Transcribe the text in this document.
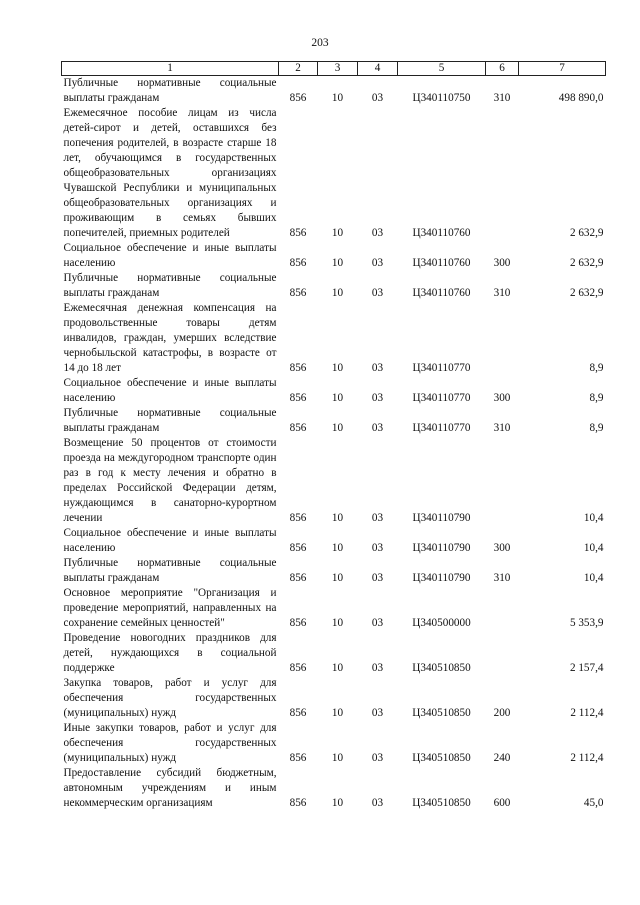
203
1	2	3	4	5	6	7
Публичные нормативные социальные выплаты гражданам	856	10	03	Ц340110750	310	498 890,0
Ежемесячное пособие лицам из числа детей-сирот и детей, оставшихся без попечения родителей, в возрасте старше 18 лет, обучающимся в государственных общеобразовательных организациях Чувашской Республики и муниципальных общеобразовательных организациях и проживающим в семьях бывших попечителей, приемных родителей	856	10	03	Ц340110760		2 632,9
Социальное обеспечение и иные выплаты населению	856	10	03	Ц340110760	300	2 632,9
Публичные нормативные социальные выплаты гражданам	856	10	03	Ц340110760	310	2 632,9
Ежемесячная денежная компенсация на продовольственные товары детям инвалидов, граждан, умерших вследствие чернобыльской катастрофы, в возрасте от 14 до 18 лет	856	10	03	Ц340110770		8,9
Социальное обеспечение и иные выплаты населению	856	10	03	Ц340110770	300	8,9
Публичные нормативные социальные выплаты гражданам	856	10	03	Ц340110770	310	8,9
Возмещение 50 процентов от стоимости проезда на междугородном транспорте один раз в год к месту лечения и обратно в пределах Российской Федерации детям, нуждающимся в санаторно-курортном лечении	856	10	03	Ц340110790		10,4
Социальное обеспечение и иные выплаты населению	856	10	03	Ц340110790	300	10,4
Публичные нормативные социальные выплаты гражданам	856	10	03	Ц340110790	310	10,4
Основное мероприятие "Организация и проведение мероприятий, направленных на сохранение семейных ценностей"	856	10	03	Ц340500000		5 353,9
Проведение новогодних праздников для детей, нуждающихся в социальной поддержке	856	10	03	Ц340510850		2 157,4
Закупка товаров, работ и услуг для обеспечения государственных (муниципальных) нужд	856	10	03	Ц340510850	200	2 112,4
Иные закупки товаров, работ и услуг для обеспечения государственных (муниципальных) нужд	856	10	03	Ц340510850	240	2 112,4
Предоставление субсидий бюджетным, автономным учреждениям и иным некоммерческим организациям	856	10	03	Ц340510850	600	45,0
